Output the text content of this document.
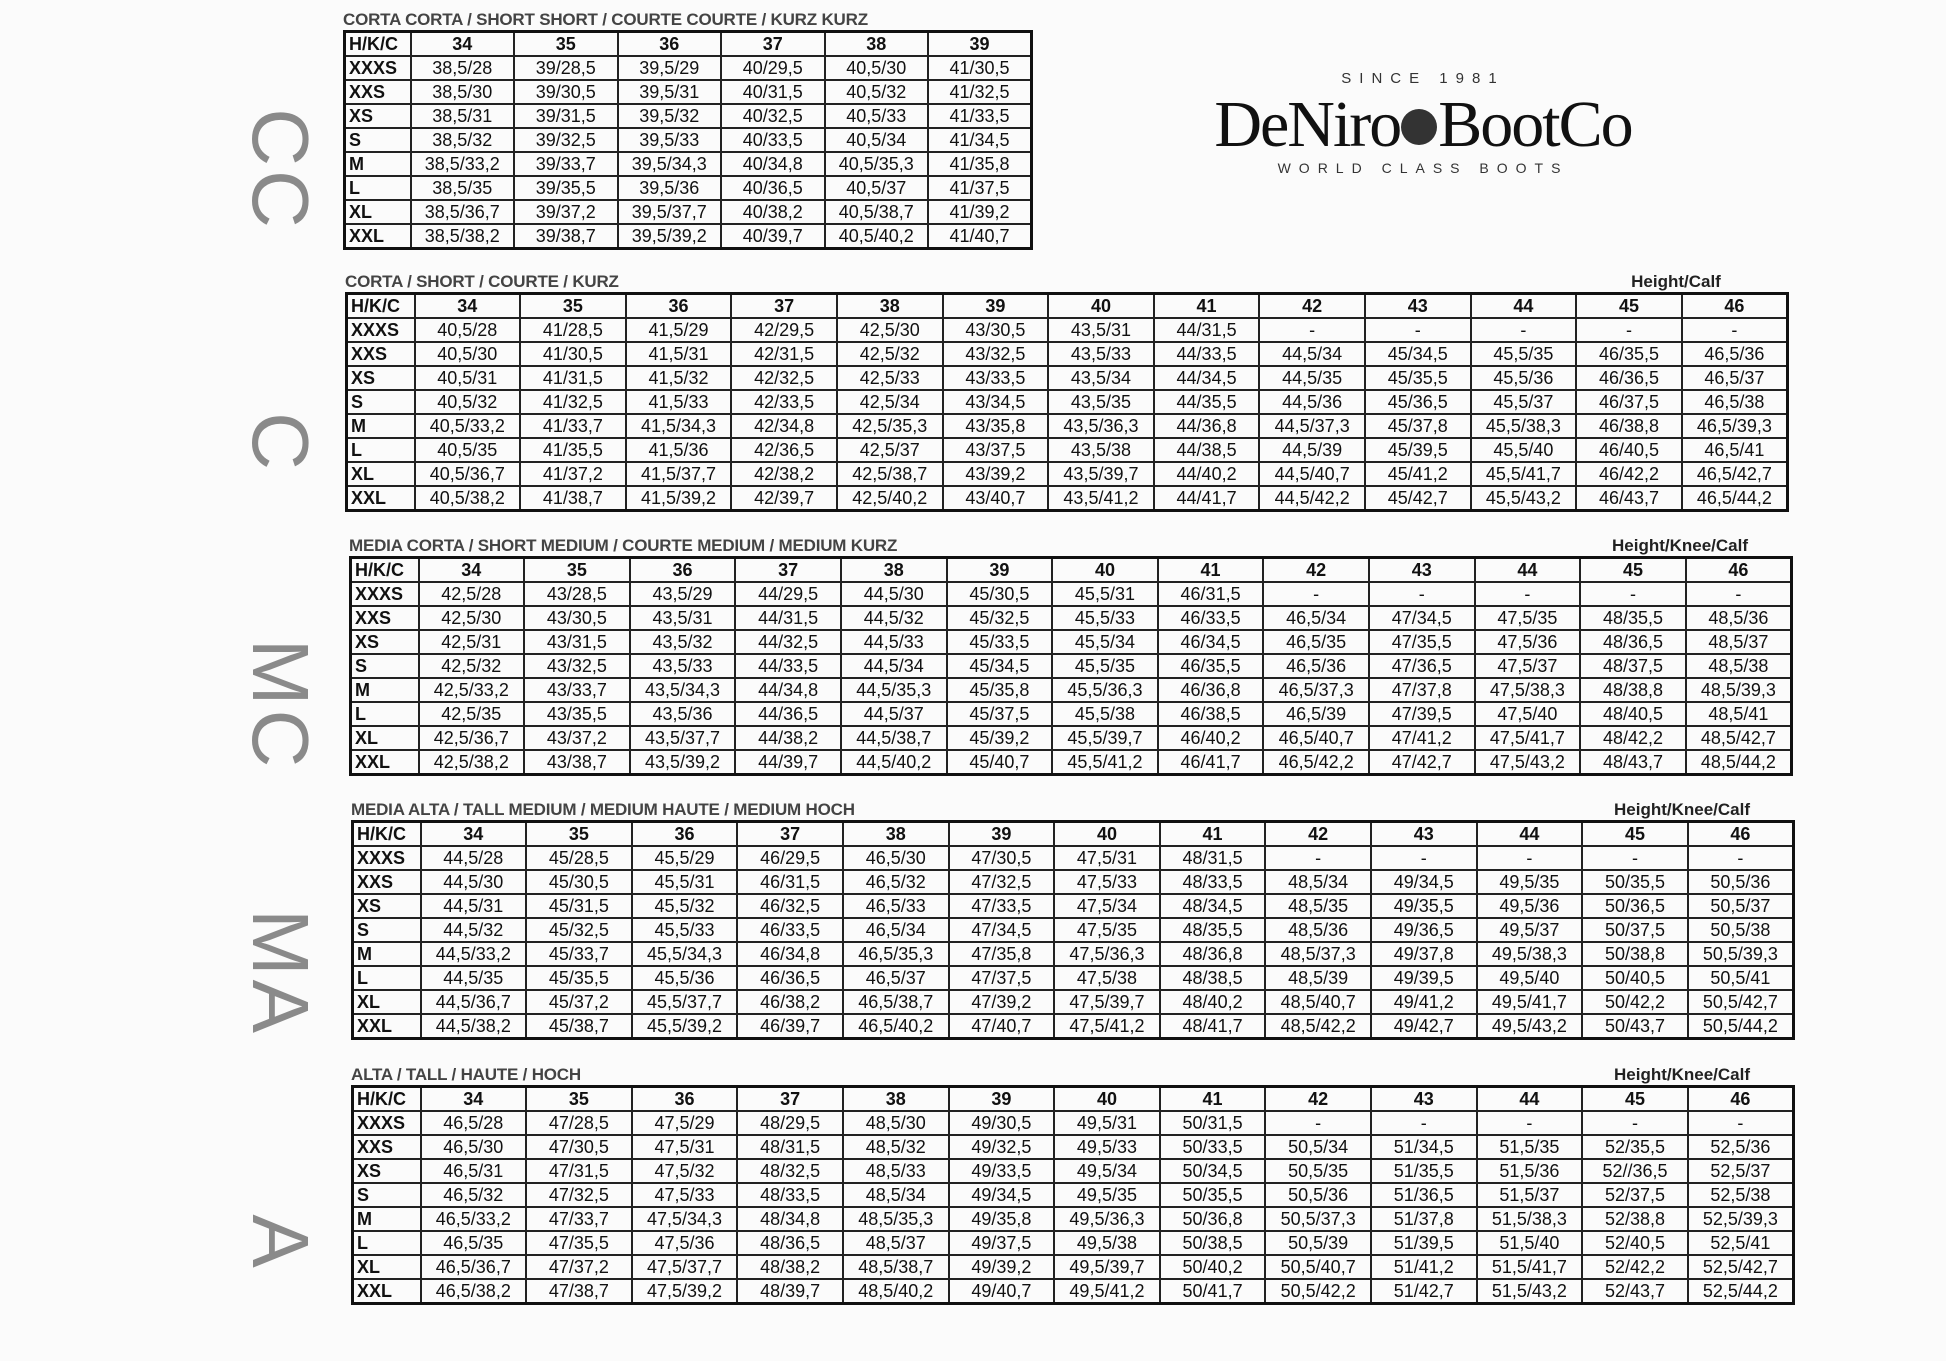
CC
C
MC
MA
A
SINCE 1981
DeNiro BootCo
WORLD CLASS BOOTS
CORTA CORTA / SHORT SHORT / COURTE COURTE / KURZ KURZ
H/K/C	34	35	36	37	38	39
XXXS	38,5/28	39/28,5	39,5/29	40/29,5	40,5/30	41/30,5
XXS	38,5/30	39/30,5	39,5/31	40/31,5	40,5/32	41/32,5
XS	38,5/31	39/31,5	39,5/32	40/32,5	40,5/33	41/33,5
S	38,5/32	39/32,5	39,5/33	40/33,5	40,5/34	41/34,5
M	38,5/33,2	39/33,7	39,5/34,3	40/34,8	40,5/35,3	41/35,8
L	38,5/35	39/35,5	39,5/36	40/36,5	40,5/37	41/37,5
XL	38,5/36,7	39/37,2	39,5/37,7	40/38,2	40,5/38,7	41/39,2
XXL	38,5/38,2	39/38,7	39,5/39,2	40/39,7	40,5/40,2	41/40,7
CORTA / SHORT / COURTE / KURZ	Height/Calf
H/K/C	34	35	36	37	38	39	40	41	42	43	44	45	46
XXXS	40,5/28	41/28,5	41,5/29	42/29,5	42,5/30	43/30,5	43,5/31	44/31,5	-	-	-	-	-
XXS	40,5/30	41/30,5	41,5/31	42/31,5	42,5/32	43/32,5	43,5/33	44/33,5	44,5/34	45/34,5	45,5/35	46/35,5	46,5/36
XS	40,5/31	41/31,5	41,5/32	42/32,5	42,5/33	43/33,5	43,5/34	44/34,5	44,5/35	45/35,5	45,5/36	46/36,5	46,5/37
S	40,5/32	41/32,5	41,5/33	42/33,5	42,5/34	43/34,5	43,5/35	44/35,5	44,5/36	45/36,5	45,5/37	46/37,5	46,5/38
M	40,5/33,2	41/33,7	41,5/34,3	42/34,8	42,5/35,3	43/35,8	43,5/36,3	44/36,8	44,5/37,3	45/37,8	45,5/38,3	46/38,8	46,5/39,3
L	40,5/35	41/35,5	41,5/36	42/36,5	42,5/37	43/37,5	43,5/38	44/38,5	44,5/39	45/39,5	45,5/40	46/40,5	46,5/41
XL	40,5/36,7	41/37,2	41,5/37,7	42/38,2	42,5/38,7	43/39,2	43,5/39,7	44/40,2	44,5/40,7	45/41,2	45,5/41,7	46/42,2	46,5/42,7
XXL	40,5/38,2	41/38,7	41,5/39,2	42/39,7	42,5/40,2	43/40,7	43,5/41,2	44/41,7	44,5/42,2	45/42,7	45,5/43,2	46/43,7	46,5/44,2
MEDIA CORTA / SHORT MEDIUM / COURTE MEDIUM / MEDIUM KURZ	Height/Knee/Calf
H/K/C	34	35	36	37	38	39	40	41	42	43	44	45	46
XXXS	42,5/28	43/28,5	43,5/29	44/29,5	44,5/30	45/30,5	45,5/31	46/31,5	-	-	-	-	-
XXS	42,5/30	43/30,5	43,5/31	44/31,5	44,5/32	45/32,5	45,5/33	46/33,5	46,5/34	47/34,5	47,5/35	48/35,5	48,5/36
XS	42,5/31	43/31,5	43,5/32	44/32,5	44,5/33	45/33,5	45,5/34	46/34,5	46,5/35	47/35,5	47,5/36	48/36,5	48,5/37
S	42,5/32	43/32,5	43,5/33	44/33,5	44,5/34	45/34,5	45,5/35	46/35,5	46,5/36	47/36,5	47,5/37	48/37,5	48,5/38
M	42,5/33,2	43/33,7	43,5/34,3	44/34,8	44,5/35,3	45/35,8	45,5/36,3	46/36,8	46,5/37,3	47/37,8	47,5/38,3	48/38,8	48,5/39,3
L	42,5/35	43/35,5	43,5/36	44/36,5	44,5/37	45/37,5	45,5/38	46/38,5	46,5/39	47/39,5	47,5/40	48/40,5	48,5/41
XL	42,5/36,7	43/37,2	43,5/37,7	44/38,2	44,5/38,7	45/39,2	45,5/39,7	46/40,2	46,5/40,7	47/41,2	47,5/41,7	48/42,2	48,5/42,7
XXL	42,5/38,2	43/38,7	43,5/39,2	44/39,7	44,5/40,2	45/40,7	45,5/41,2	46/41,7	46,5/42,2	47/42,7	47,5/43,2	48/43,7	48,5/44,2
MEDIA ALTA / TALL MEDIUM / MEDIUM HAUTE / MEDIUM HOCH	Height/Knee/Calf
H/K/C	34	35	36	37	38	39	40	41	42	43	44	45	46
XXXS	44,5/28	45/28,5	45,5/29	46/29,5	46,5/30	47/30,5	47,5/31	48/31,5	-	-	-	-	-
XXS	44,5/30	45/30,5	45,5/31	46/31,5	46,5/32	47/32,5	47,5/33	48/33,5	48,5/34	49/34,5	49,5/35	50/35,5	50,5/36
XS	44,5/31	45/31,5	45,5/32	46/32,5	46,5/33	47/33,5	47,5/34	48/34,5	48,5/35	49/35,5	49,5/36	50/36,5	50,5/37
S	44,5/32	45/32,5	45,5/33	46/33,5	46,5/34	47/34,5	47,5/35	48/35,5	48,5/36	49/36,5	49,5/37	50/37,5	50,5/38
M	44,5/33,2	45/33,7	45,5/34,3	46/34,8	46,5/35,3	47/35,8	47,5/36,3	48/36,8	48,5/37,3	49/37,8	49,5/38,3	50/38,8	50,5/39,3
L	44,5/35	45/35,5	45,5/36	46/36,5	46,5/37	47/37,5	47,5/38	48/38,5	48,5/39	49/39,5	49,5/40	50/40,5	50,5/41
XL	44,5/36,7	45/37,2	45,5/37,7	46/38,2	46,5/38,7	47/39,2	47,5/39,7	48/40,2	48,5/40,7	49/41,2	49,5/41,7	50/42,2	50,5/42,7
XXL	44,5/38,2	45/38,7	45,5/39,2	46/39,7	46,5/40,2	47/40,7	47,5/41,2	48/41,7	48,5/42,2	49/42,7	49,5/43,2	50/43,7	50,5/44,2
ALTA / TALL / HAUTE / HOCH	Height/Knee/Calf
H/K/C	34	35	36	37	38	39	40	41	42	43	44	45	46
XXXS	46,5/28	47/28,5	47,5/29	48/29,5	48,5/30	49/30,5	49,5/31	50/31,5	-	-	-	-	-
XXS	46,5/30	47/30,5	47,5/31	48/31,5	48,5/32	49/32,5	49,5/33	50/33,5	50,5/34	51/34,5	51,5/35	52/35,5	52,5/36
XS	46,5/31	47/31,5	47,5/32	48/32,5	48,5/33	49/33,5	49,5/34	50/34,5	50,5/35	51/35,5	51,5/36	52//36,5	52,5/37
S	46,5/32	47/32,5	47,5/33	48/33,5	48,5/34	49/34,5	49,5/35	50/35,5	50,5/36	51/36,5	51,5/37	52/37,5	52,5/38
M	46,5/33,2	47/33,7	47,5/34,3	48/34,8	48,5/35,3	49/35,8	49,5/36,3	50/36,8	50,5/37,3	51/37,8	51,5/38,3	52/38,8	52,5/39,3
L	46,5/35	47/35,5	47,5/36	48/36,5	48,5/37	49/37,5	49,5/38	50/38,5	50,5/39	51/39,5	51,5/40	52/40,5	52,5/41
XL	46,5/36,7	47/37,2	47,5/37,7	48/38,2	48,5/38,7	49/39,2	49,5/39,7	50/40,2	50,5/40,7	51/41,2	51,5/41,7	52/42,2	52,5/42,7
XXL	46,5/38,2	47/38,7	47,5/39,2	48/39,7	48,5/40,2	49/40,7	49,5/41,2	50/41,7	50,5/42,2	51/42,7	51,5/43,2	52/43,7	52,5/44,2
